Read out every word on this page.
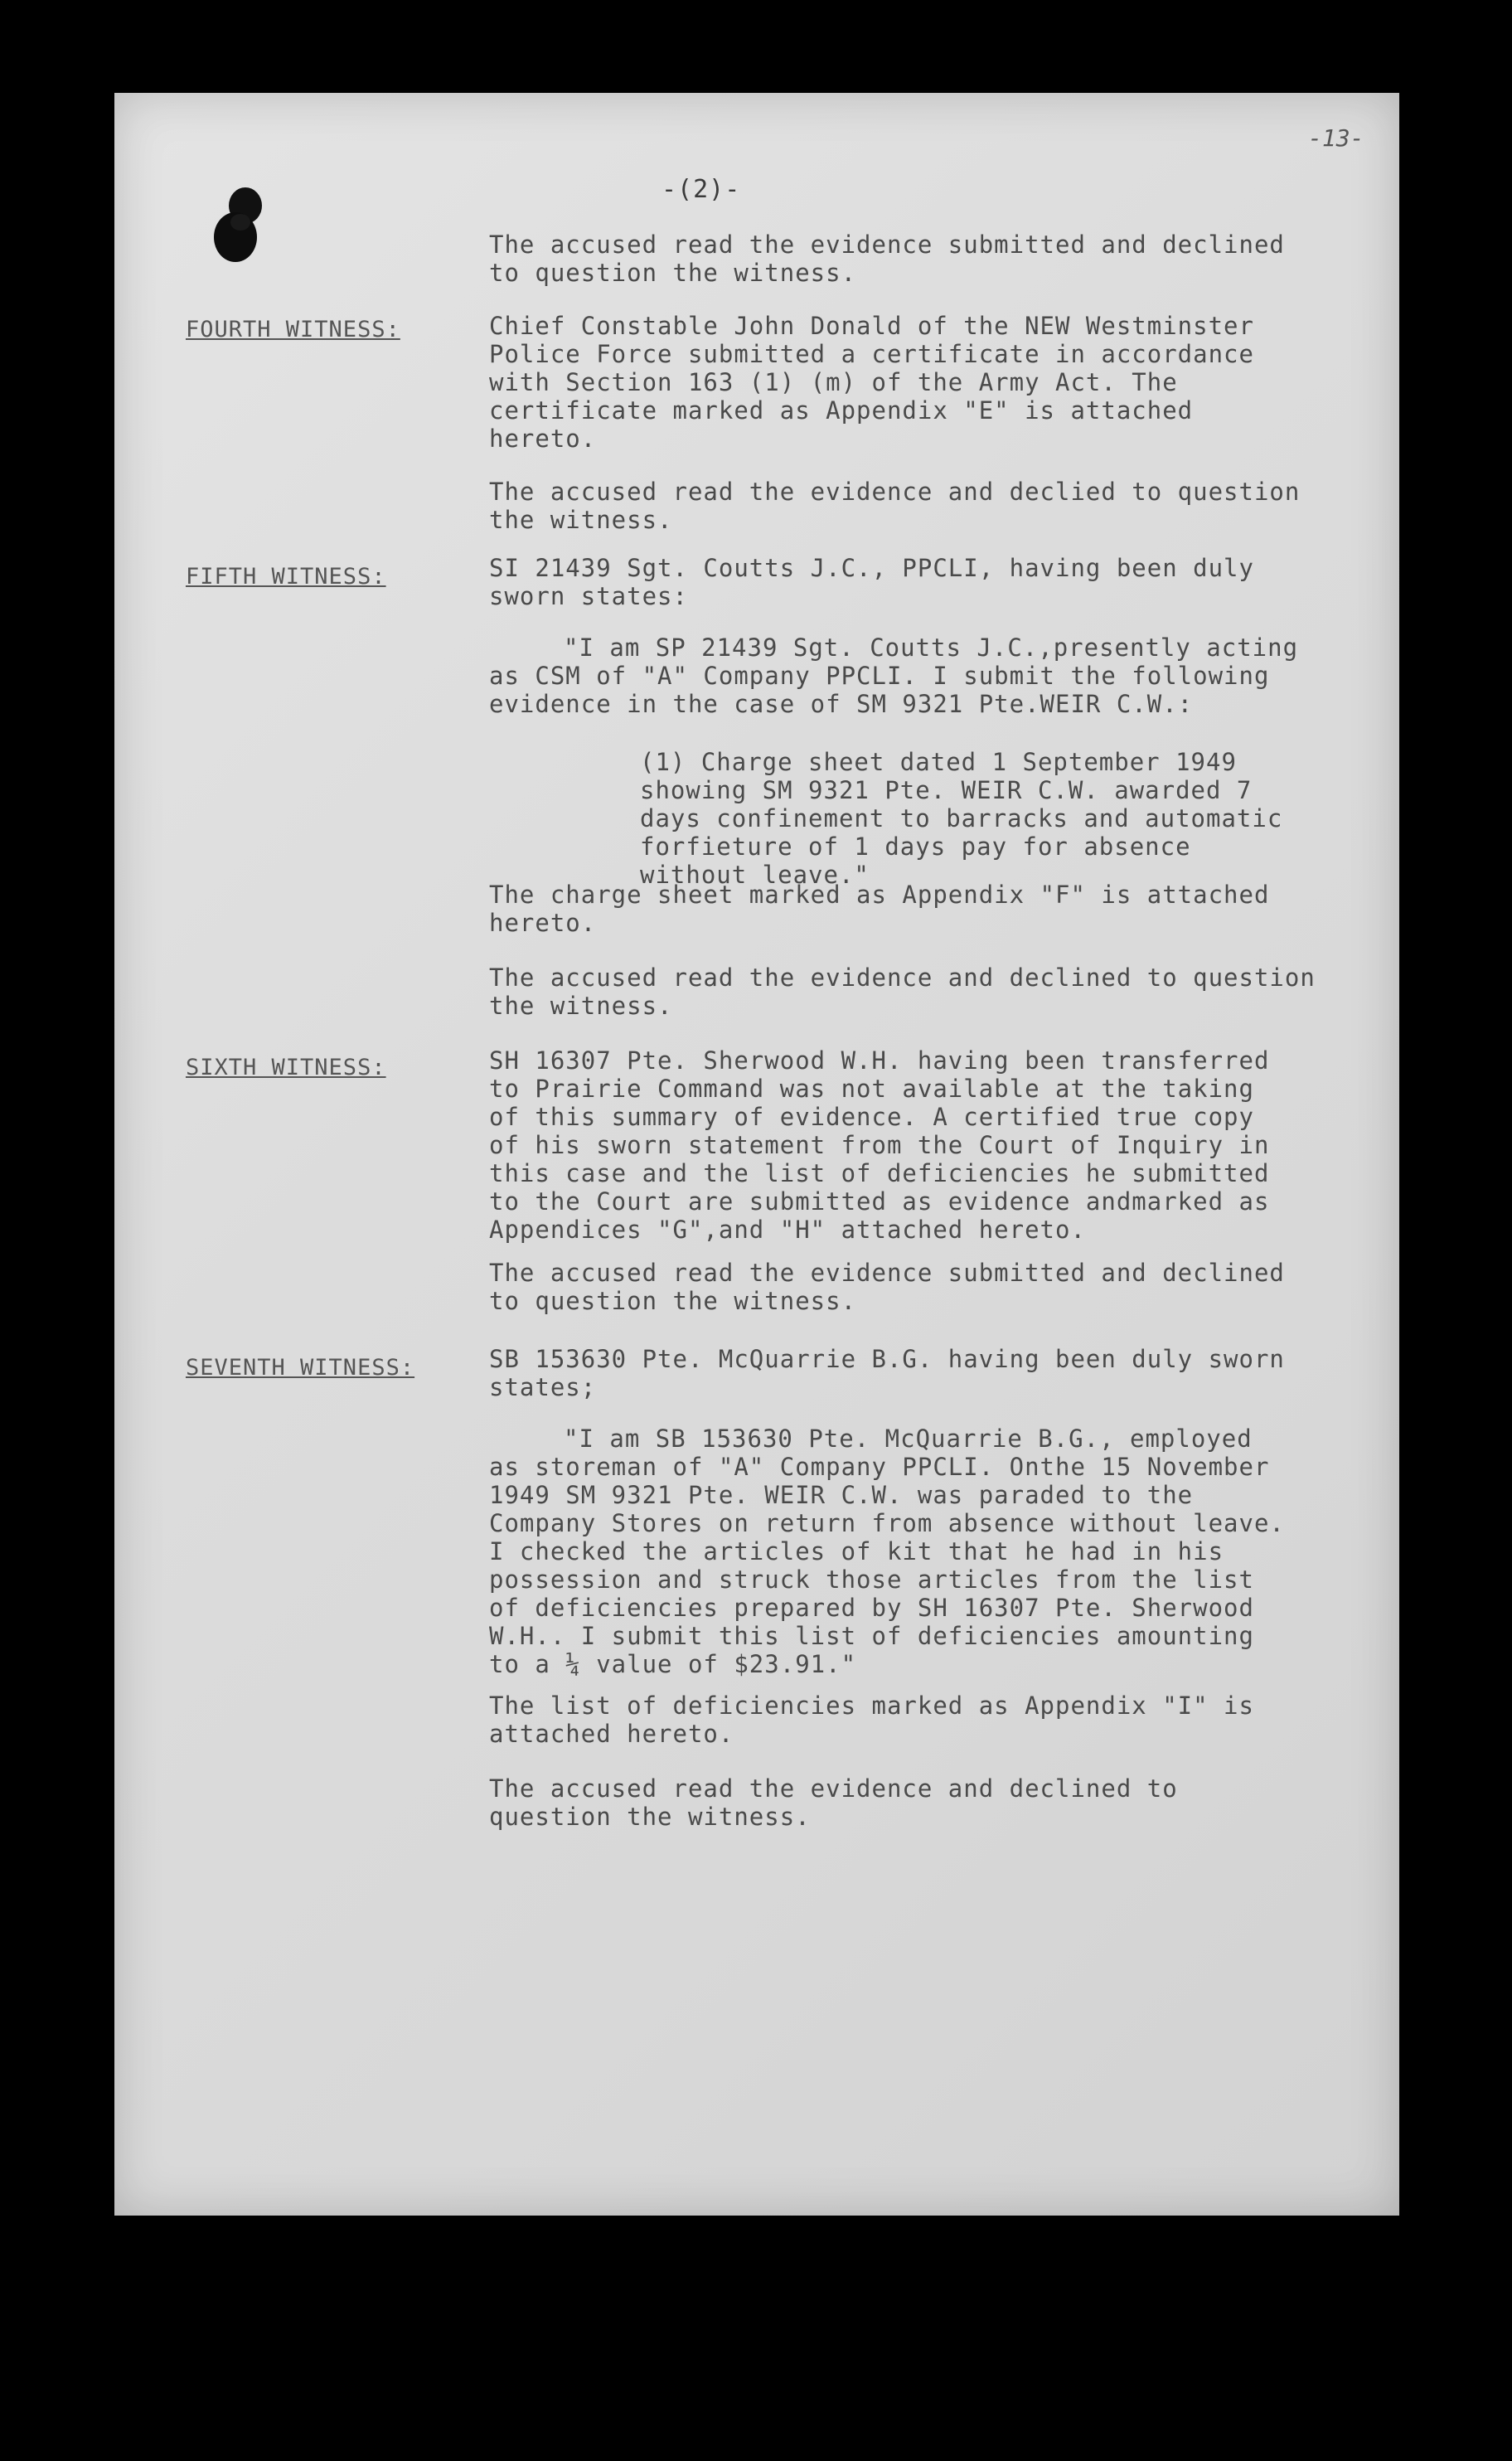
-13-
-(2)-
The accused read the evidence submitted and declined
to question the witness.
FOURTH WITNESS:	Chief Constable John Donald of the NEW Westminster
Police Force submitted a certificate in accordance
with Section 163 (1) (m) of the Army Act. The
certificate marked as Appendix "E" is attached
hereto.
The accused read the evidence and declied to question
the witness.
FIFTH WITNESS:	SI 21439 Sgt. Coutts J.C., PPCLI, having been duly
sworn states:
"I am SP 21439 Sgt. Coutts J.C.,presently acting
as CSM of "A" Company PPCLI. I submit the following
evidence in the case of SM 9321 Pte.WEIR C.W.:
(1) Charge sheet dated 1 September 1949
showing SM 9321 Pte. WEIR C.W. awarded 7
days confinement to barracks and automatic
forfieture of 1 days pay for absence
without leave."
The charge sheet marked as Appendix "F" is attached
hereto.
The accused read the evidence and declined to question
the witness.
SIXTH WITNESS:	SH 16307 Pte. Sherwood W.H. having been transferred
to Prairie Command was not available at the taking
of this summary of evidence. A certified true copy
of his sworn statement from the Court of Inquiry in
this case and the list of deficiencies he submitted
to the Court are submitted as evidence andmarked as
Appendices "G",and "H" attached hereto.
The accused read the evidence submitted and declined
to question the witness.
SEVENTH WITNESS:	SB 153630 Pte. McQuarrie B.G. having been duly sworn
states;
"I am SB 153630 Pte. McQuarrie B.G., employed
as storeman of "A" Company PPCLI. Onthe 15 November
1949 SM 9321 Pte. WEIR C.W. was paraded to the
Company Stores on return from absence without leave.
I checked the articles of kit that he had in his
possession and struck those articles from the list
of deficiencies prepared by SH 16307 Pte. Sherwood
W.H.. I submit this list of deficiencies amounting
to a ¼ value of $23.91."
The list of deficiencies marked as Appendix "I" is
attached hereto.
The accused read the evidence and declined to
question the witness.
